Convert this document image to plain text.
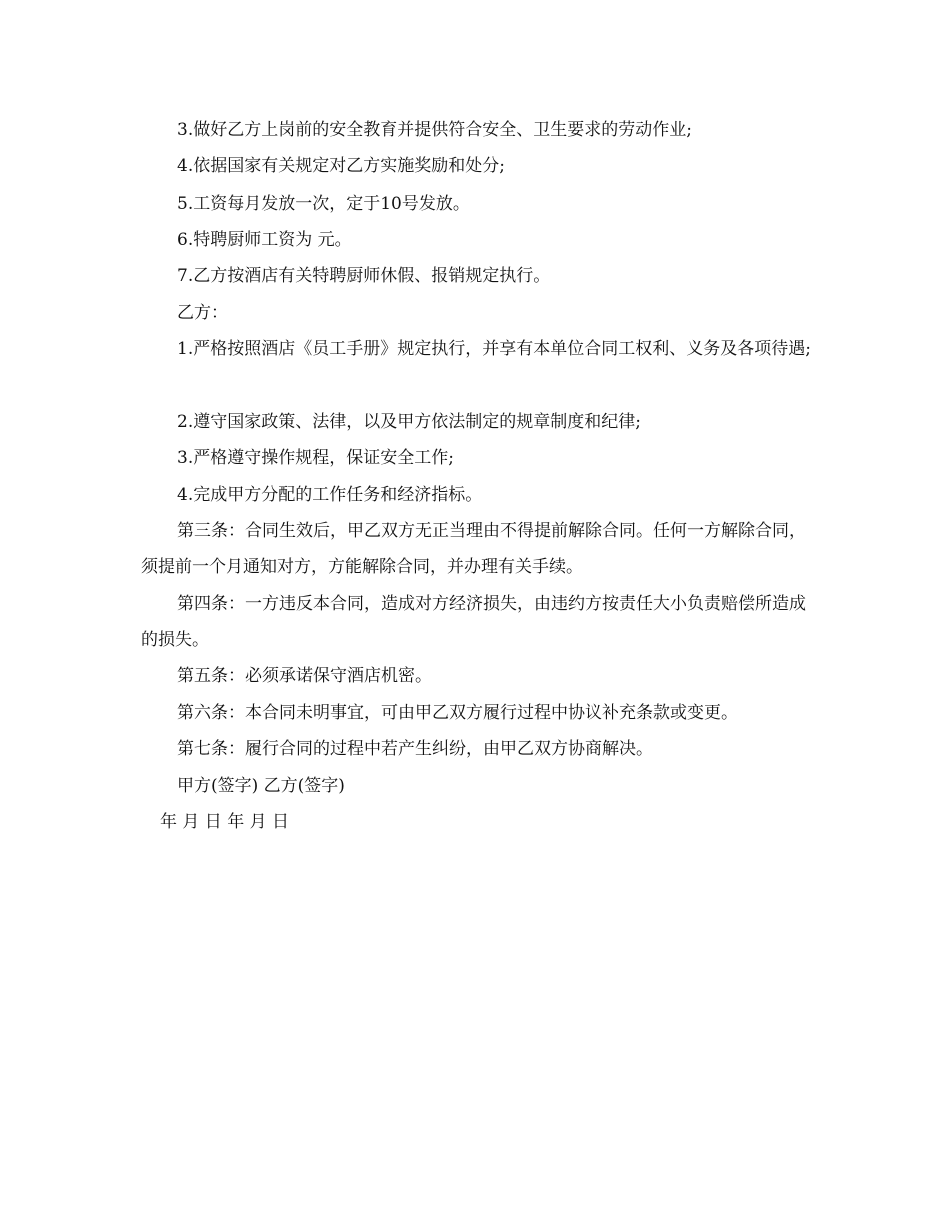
3.做好乙方上岗前的安全教育并提供符合安全、卫生要求的劳动作业;

4.依据国家有关规定对乙方实施奖励和处分;

5.工资每月发放一次，定于10号发放。

6.特聘厨师工资为 元。

7.乙方按酒店有关特聘厨师休假、报销规定执行。

乙方：

1.严格按照酒店《员工手册》规定执行，并享有本单位合同工权利、义务及各项待遇;

2.遵守国家政策、法律，以及甲方依法制定的规章制度和纪律;

3.严格遵守操作规程，保证安全工作;

4.完成甲方分配的工作任务和经济指标。

第三条：合同生效后，甲乙双方无正当理由不得提前解除合同。任何一方解除合同，须提前一个月通知对方，方能解除合同，并办理有关手续。

第四条：一方违反本合同，造成对方经济损失，由违约方按责任大小负责赔偿所造成的损失。

第五条：必须承诺保守酒店机密。

第六条：本合同未明事宜，可由甲乙双方履行过程中协议补充条款或变更。

第七条：履行合同的过程中若产生纠纷，由甲乙双方协商解决。

甲方(签字) 乙方(签字)

年 月 日 年 月 日
